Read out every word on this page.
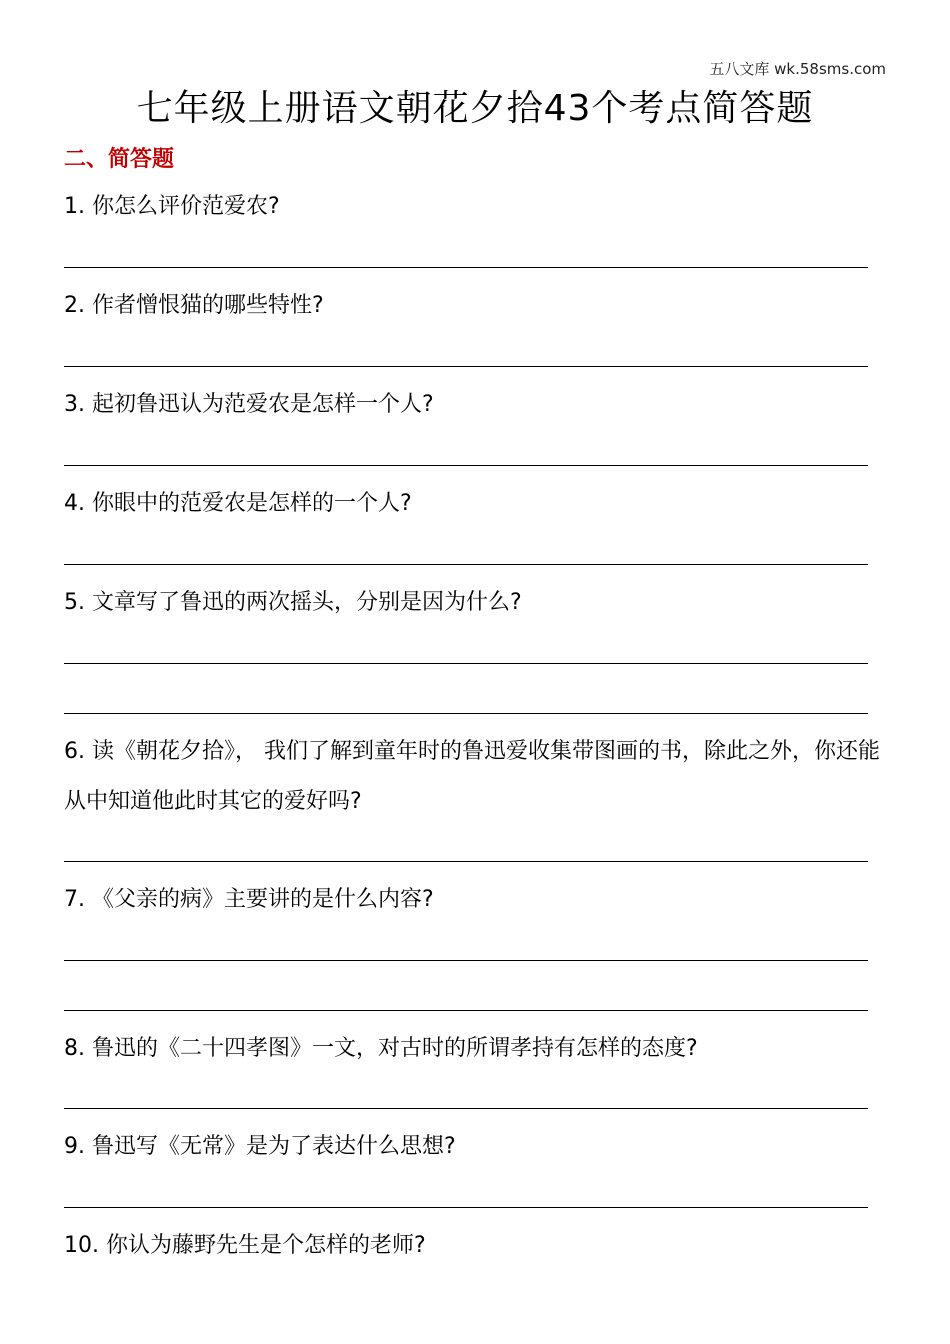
五八文库 wk.58sms.com
七年级上册语文朝花夕拾43个考点简答题
二、简答题
1. 你怎么评价范爱农?
2. 作者憎恨猫的哪些特性?
3. 起初鲁迅认为范爱农是怎样一个人?
4. 你眼中的范爱农是怎样的一个人?
5. 文章写了鲁迅的两次摇头，分别是因为什么?
6. 读《朝花夕拾》， 我们了解到童年时的鲁迅爱收集带图画的书，除此之外，你还能从中知道他此时其它的爱好吗?
7. 《父亲的病》主要讲的是什么内容?
8. 鲁迅的《二十四孝图》一文，对古时的所谓孝持有怎样的态度?
9. 鲁迅写《无常》是为了表达什么思想?
10. 你认为藤野先生是个怎样的老师?
